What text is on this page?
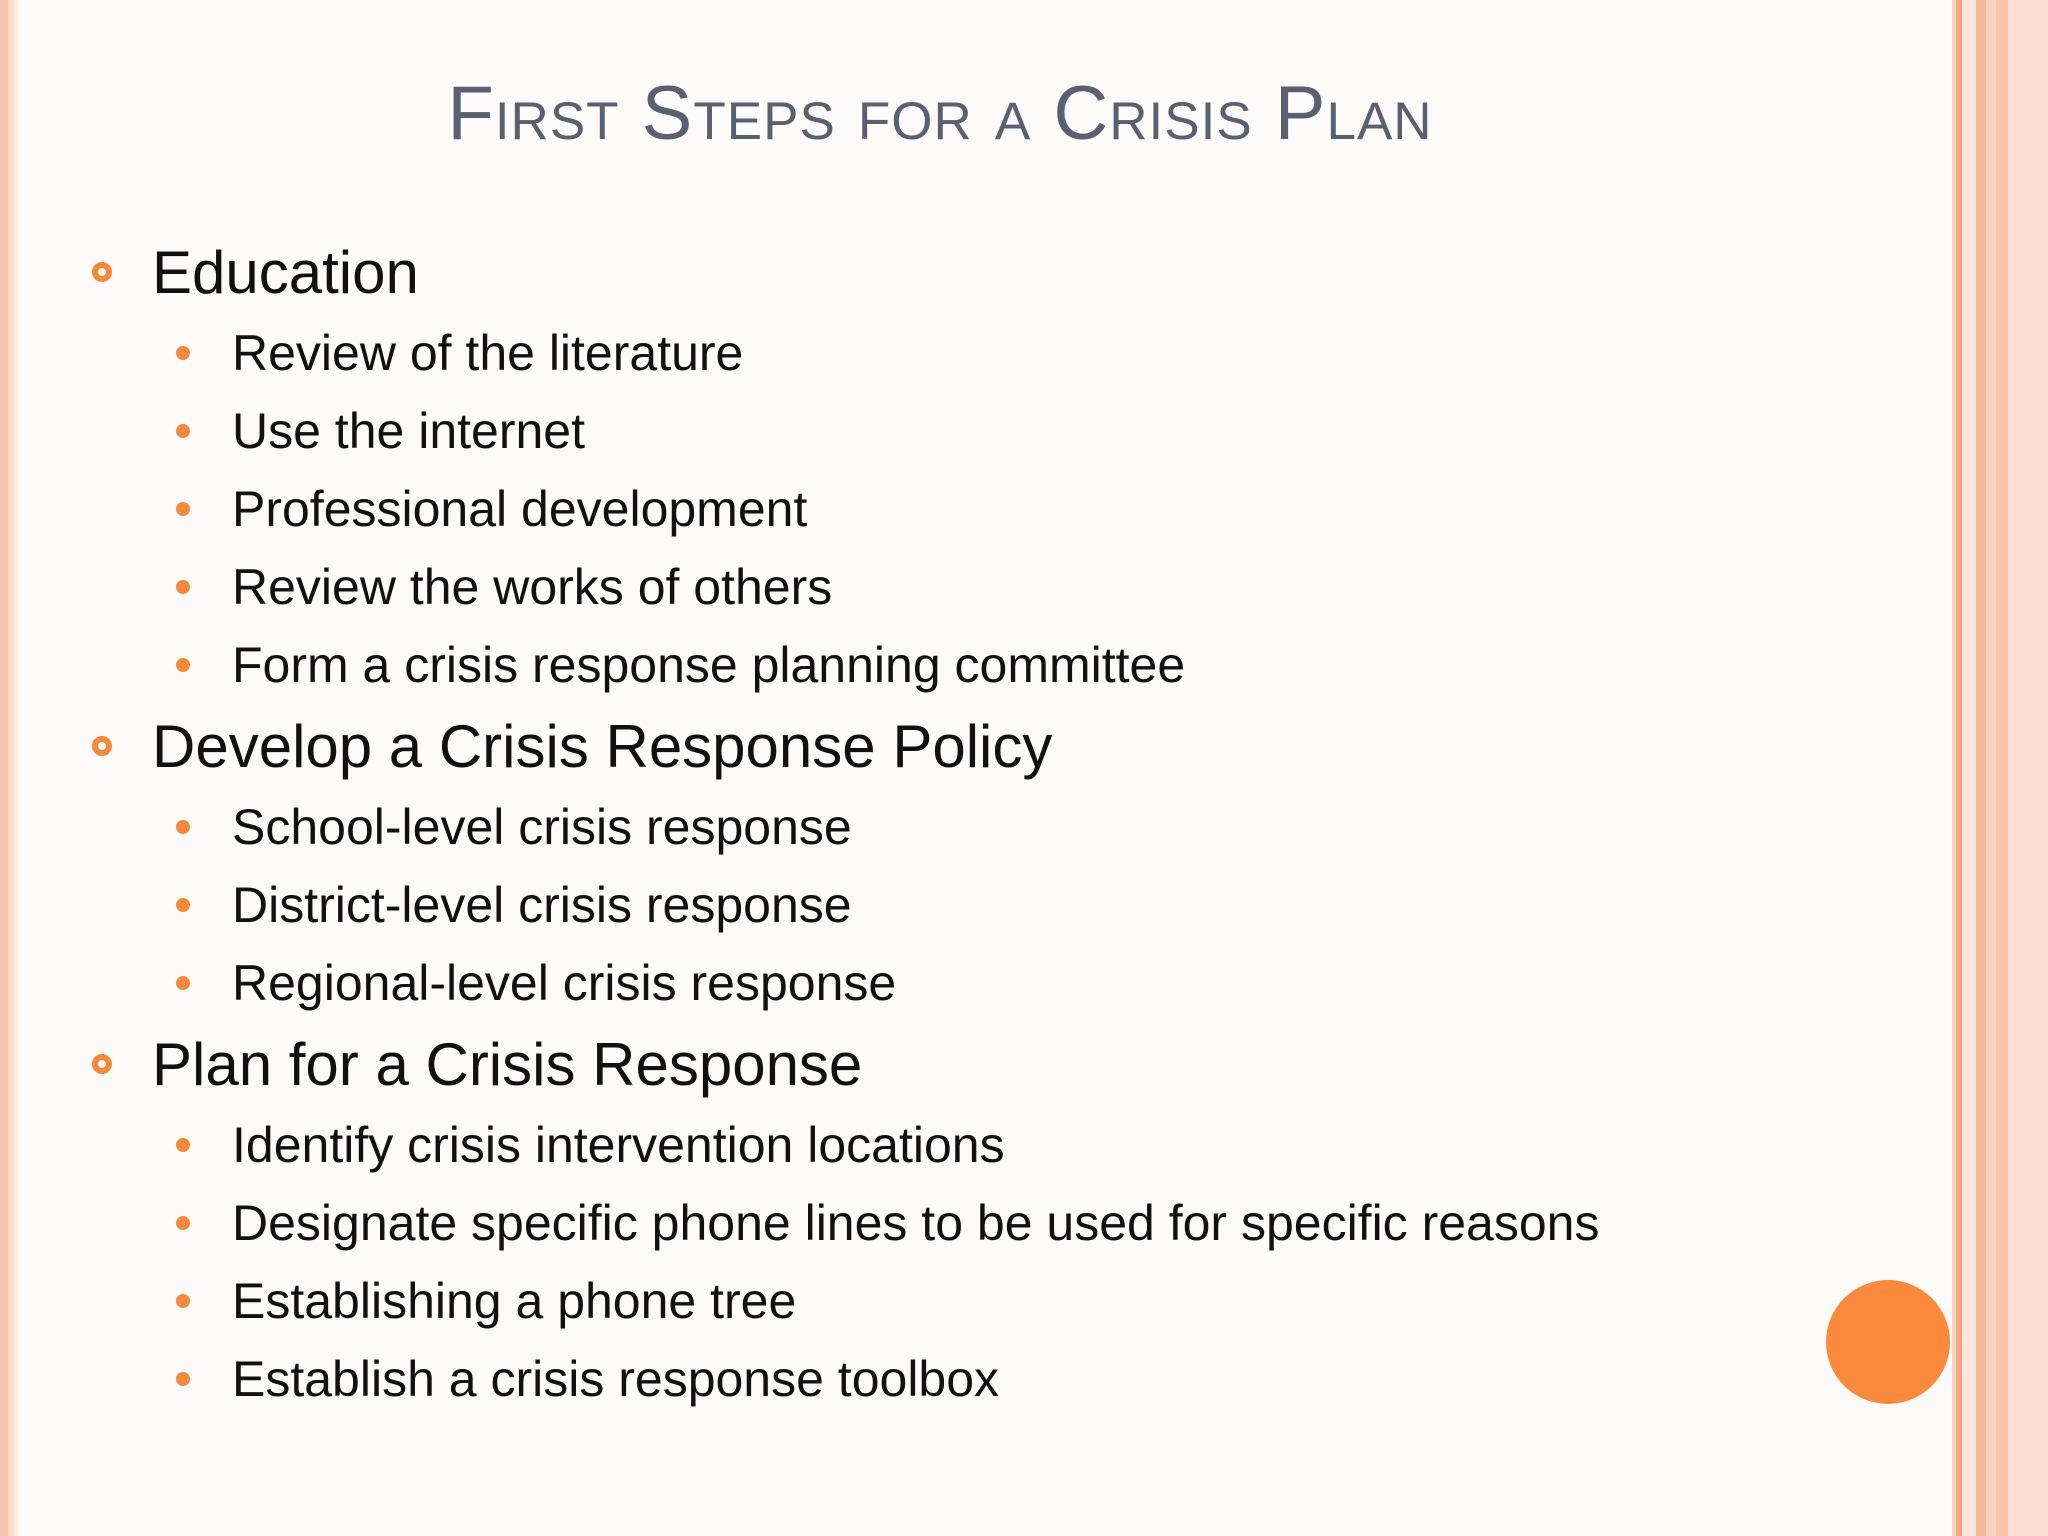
First Steps for a Crisis Plan
Education
Review of the literature
Use the internet
Professional development
Review the works of others
Form a crisis response planning committee
Develop a Crisis Response Policy
School-level crisis response
District-level crisis response
Regional-level crisis response
Plan for a Crisis Response
Identify crisis intervention locations
Designate specific phone lines to be used for specific reasons
Establishing a phone tree
Establish a crisis response toolbox
